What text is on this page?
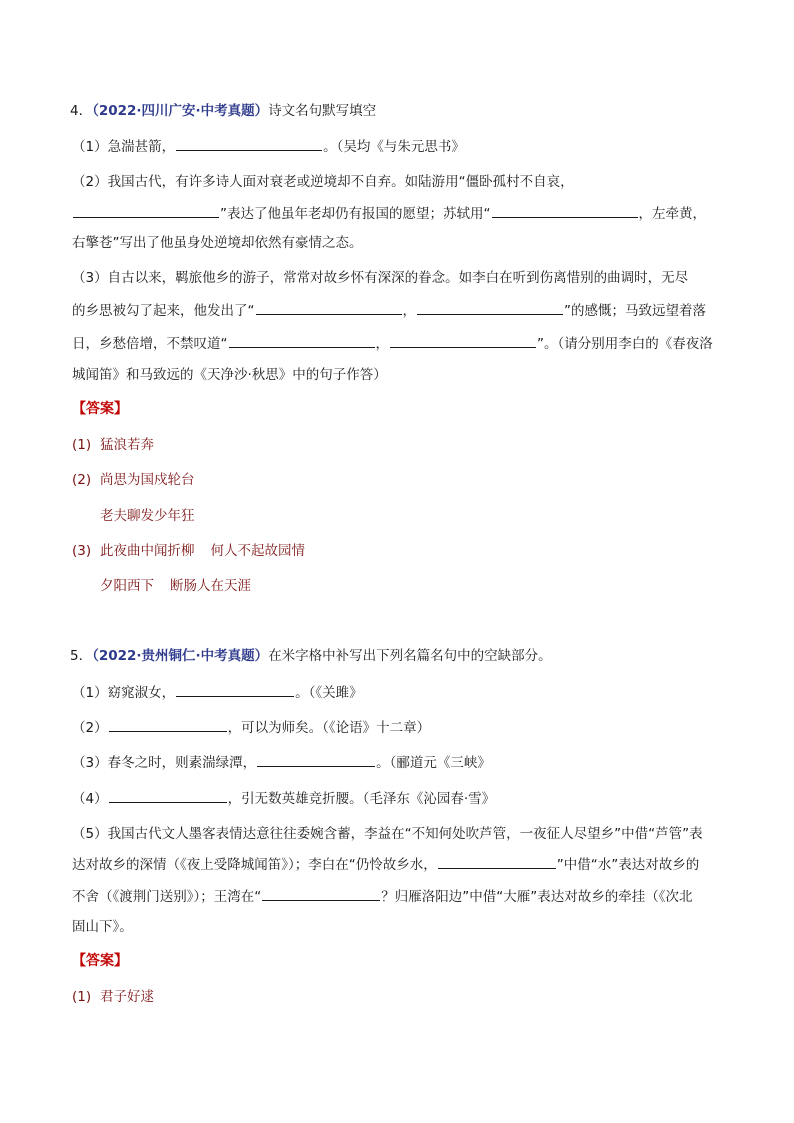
4．（2022·四川广安·中考真题）诗文名句默写填空
（1）急湍甚箭，	。（吴均《与朱元思书》
（2）我国古代，有许多诗人面对衰老或逆境却不自弃。如陆游用“僵卧孤村不自哀，
”表达了他虽年老却仍有报国的愿望；苏轼用“	，左牵黄，
右擎苍”写出了他虽身处逆境却依然有豪情之态。
（3）自古以来，羁旅他乡的游子，常常对故乡怀有深深的眷念。如李白在听到伤离惜别的曲调时，无尽
的乡思被勾了起来，他发出了“	，	”的感慨；马致远望着落
日，乡愁倍增，不禁叹道“	，	”。（请分别用李白的《春夜洛
城闻笛》和马致远的《天净沙·秋思》中的句子作答）
【答案】
(1) 猛浪若奔
(2) 尚思为国戍轮台
老夫聊发少年狂
(3) 此夜曲中闻折柳 何人不起故园情
夕阳西下 断肠人在天涯
5．（2022·贵州铜仁·中考真题）在米字格中补写出下列名篇名句中的空缺部分。
（1）窈窕淑女，	。（《关雎》
（2）	，可以为师矣。（《论语》十二章）
（3）春冬之时，则素湍绿潭，	。（郦道元《三峡》
（4）	，引无数英雄竞折腰。（毛泽东《沁园春·雪》
（5）我国古代文人墨客表情达意往往委婉含蓄，李益在“不知何处吹芦管，一夜征人尽望乡”中借“芦管”表
达对故乡的深情（《夜上受降城闻笛》）；李白在“仍怜故乡水，	”中借“水”表达对故乡的
不舍（《渡荆门送别》）；王湾在“	？归雁洛阳边”中借“大雁”表达对故乡的牵挂（《次北
固山下》。
【答案】
(1) 君子好逑
